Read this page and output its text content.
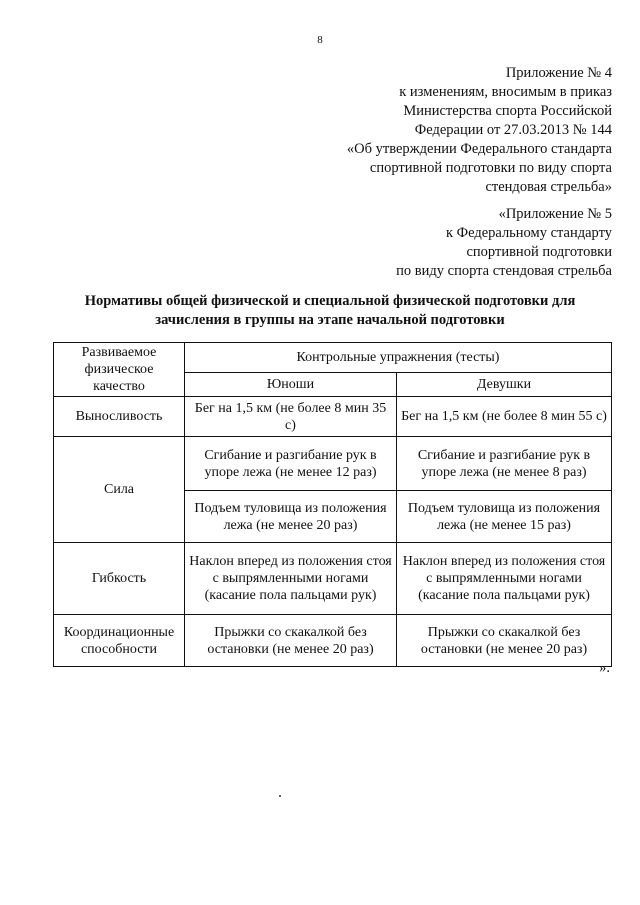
8
Приложение № 4
к изменениям, вносимым в приказ
Министерства спорта Российской
Федерации от 27.03.2013 № 144
«Об утверждении Федерального стандарта
спортивной подготовки по виду спорта
стендовая стрельба»
«Приложение № 5
к Федеральному стандарту
спортивной подготовки
по виду спорта стендовая стрельба
Нормативы общей физической и специальной физической подготовки для
зачисления в группы на этапе начальной подготовки
Развиваемое физическое качество	Контрольные упражнения (тесты)	
	Юноши	Девушки
Выносливость	Бег на 1,5 км (не более 8 мин 35 с)	Бег на 1,5 км (не более 8 мин 55 с)
Сила	Сгибание и разгибание рук в упоре лежа (не менее 12 раз)	Сгибание и разгибание рук в упоре лежа (не менее 8 раз)
	Подъем туловища из положения лежа (не менее 20 раз)	Подъем туловища из положения лежа (не менее 15 раз)
Гибкость	Наклон вперед из положения стоя с выпрямленными ногами (касание пола пальцами рук)	Наклон вперед из положения стоя с выпрямленными ногами (касание пола пальцами рук)
Координационные способности	Прыжки со скакалкой без остановки (не менее 20 раз)	Прыжки со скакалкой без остановки (не менее 20 раз)
».
